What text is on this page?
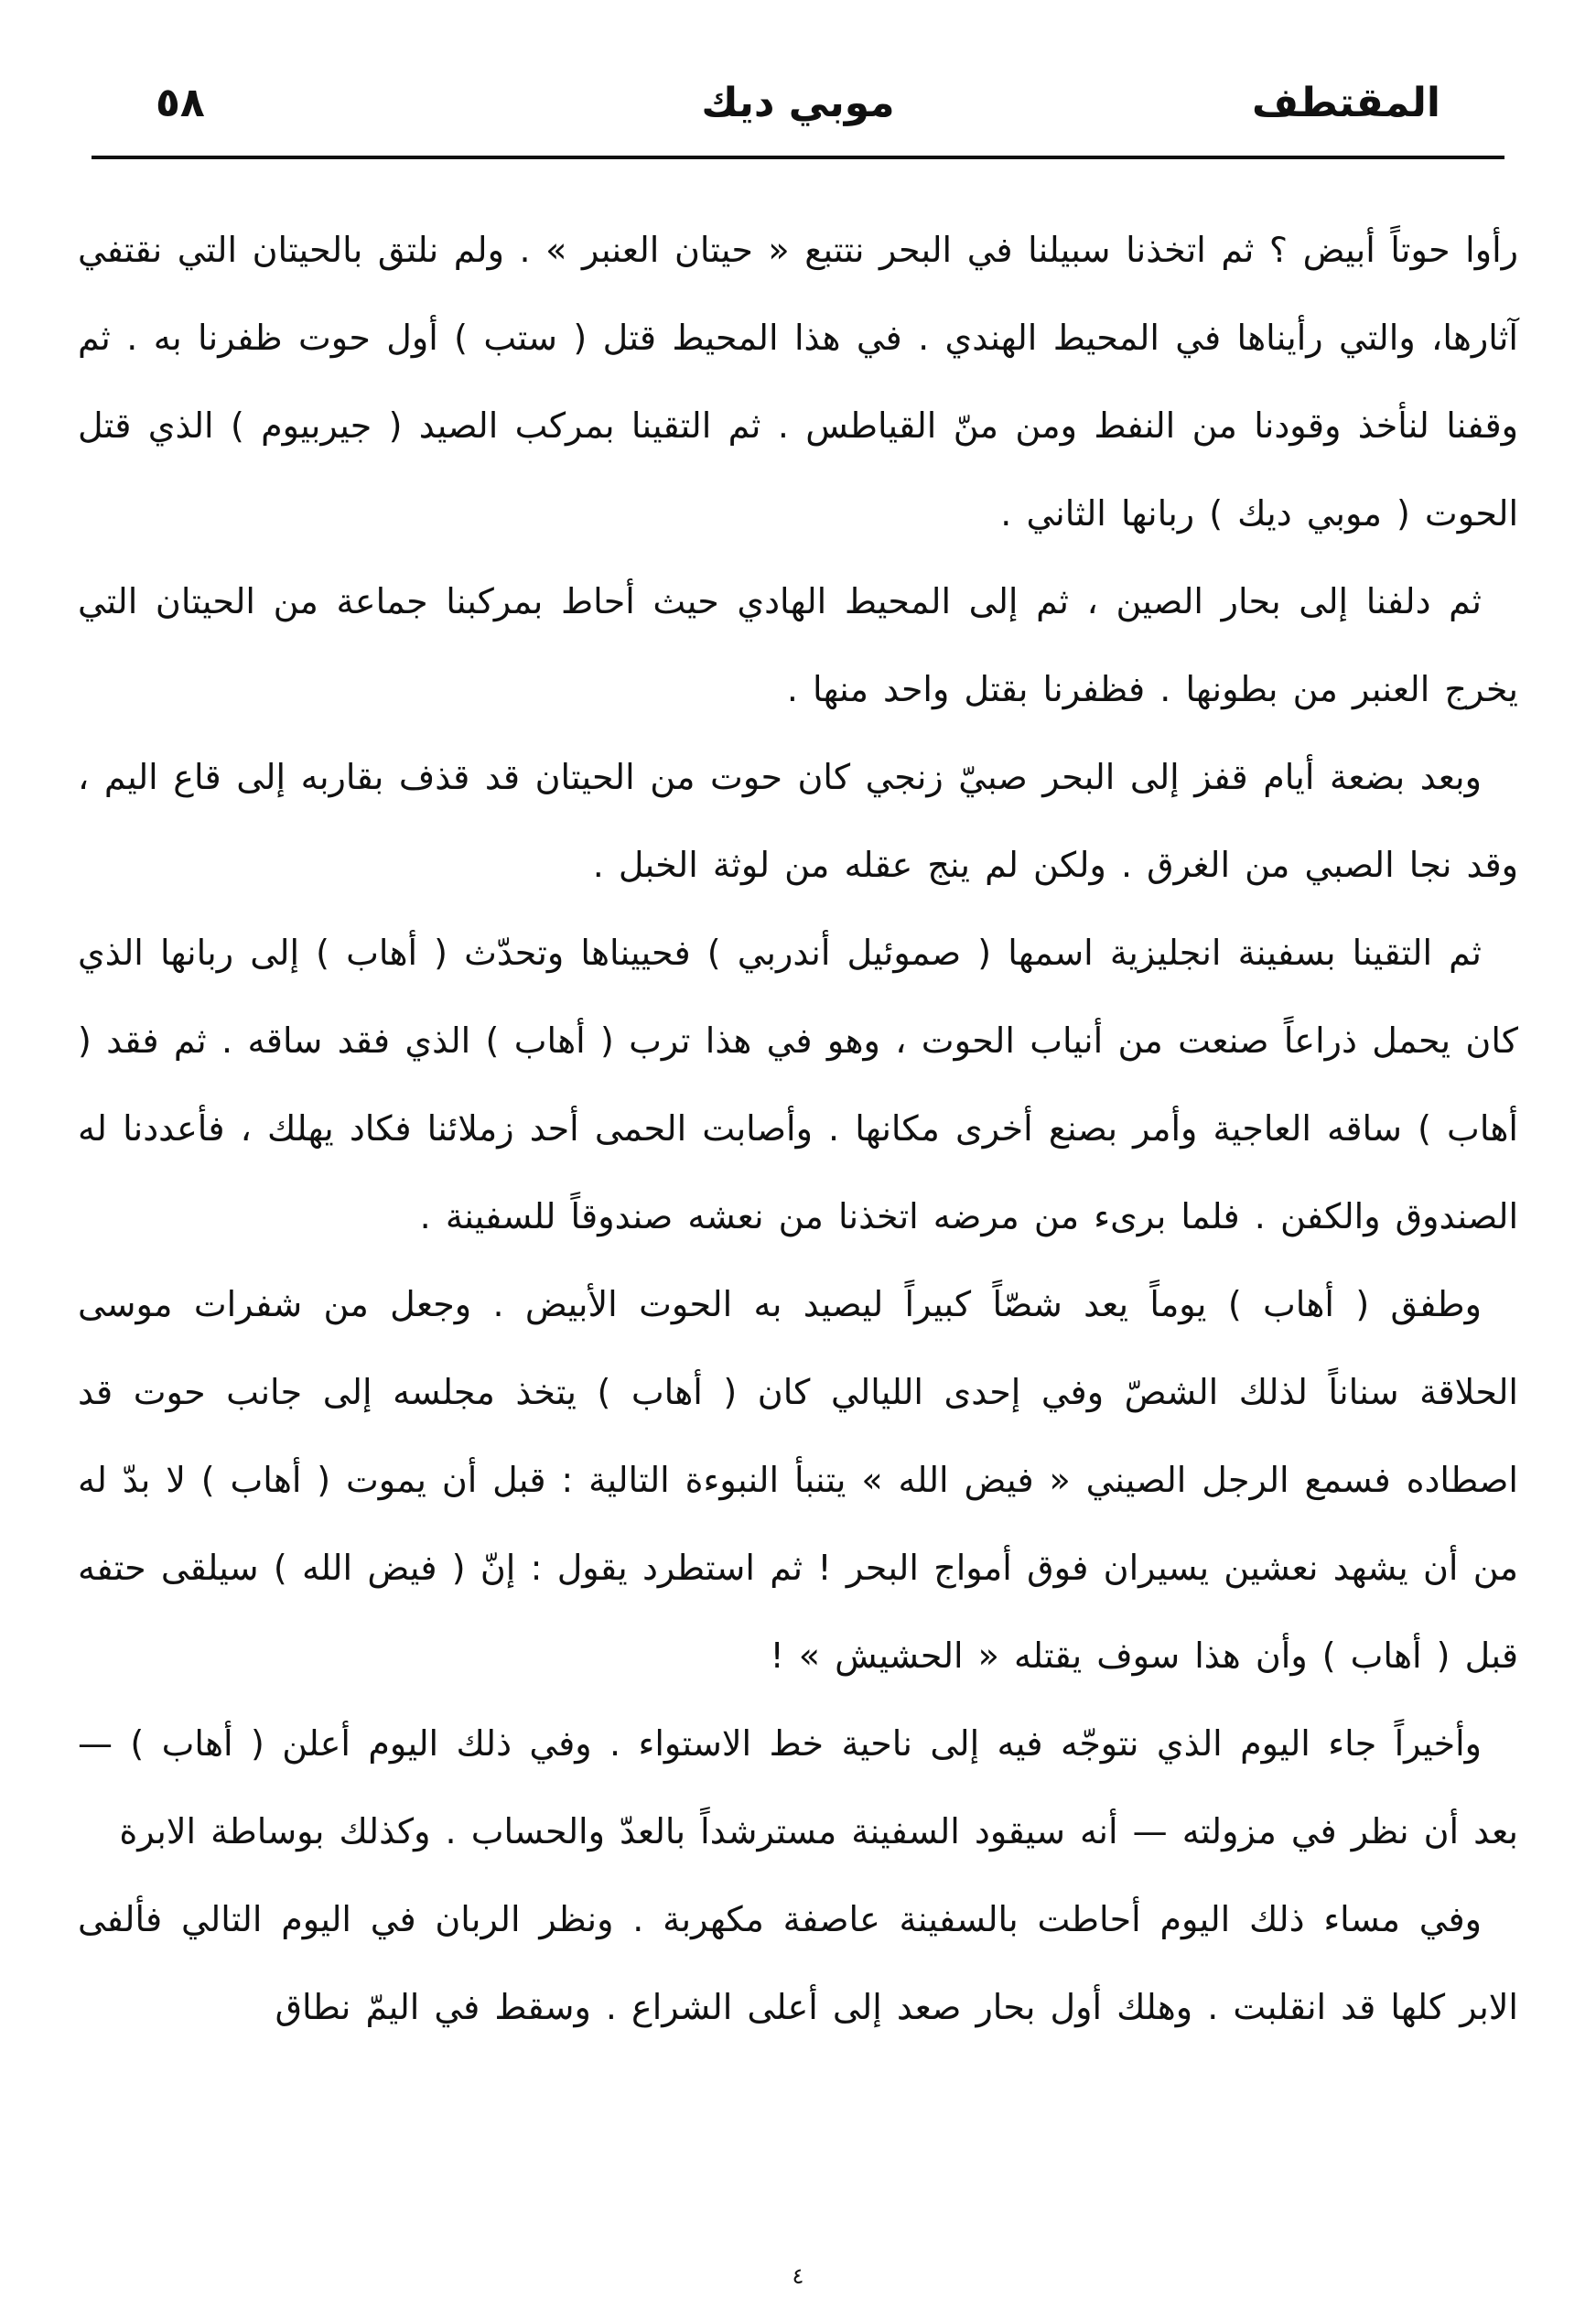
٥٨	موبي ديك	المقتطف

رأوا حوتاً أبيض ؟ ثم اتخذنا سبيلنا في البحر نتتبع « حيتان العنبر » . ولم نلتق بالحيتان التي نقتفي آثارها، والتي رأيناها في المحيط الهندي . في هذا المحيط قتل ( ستب ) أول حوت ظفرنا به . ثم وقفنا لنأخذ وقودنا من النفط ومن منّ القياطس . ثم التقينا بمركب الصيد ( جيربيوم ) الذي قتل الحوت ( موبي ديك ) ربانها الثاني .

ثم دلفنا إلى بحار الصين ، ثم إلى المحيط الهادي حيث أحاط بمركبنا جماعة من الحيتان التي يخرج العنبر من بطونها . فظفرنا بقتل واحد منها .

وبعد بضعة أيام قفز إلى البحر صبيّ زنجي كان حوت من الحيتان قد قذف بقاربه إلى قاع اليم ، وقد نجا الصبي من الغرق . ولكن لم ينج عقله من لوثة الخبل .

ثم التقينا بسفينة انجليزية اسمها ( صموئيل أندربي ) فحييناها وتحدّث ( أهاب ) إلى ربانها الذي كان يحمل ذراعاً صنعت من أنياب الحوت ، وهو في هذا ترب ( أهاب ) الذي فقد ساقه . ثم فقد ( أهاب ) ساقه العاجية وأمر بصنع أخرى مكانها . وأصابت الحمى أحد زملائنا فكاد يهلك ، فأعددنا له الصندوق والكفن . فلما برىء من مرضه اتخذنا من نعشه صندوقاً للسفينة .

وطفق ( أهاب ) يوماً يعد شصّاً كبيراً ليصيد به الحوت الأبيض . وجعل من شفرات موسى الحلاقة سناناً لذلك الشصّ وفي إحدى الليالي كان ( أهاب ) يتخذ مجلسه إلى جانب حوت قد اصطاده فسمع الرجل الصيني « فيض الله » يتنبأ النبوءة التالية : قبل أن يموت ( أهاب ) لا بدّ له من أن يشهد نعشين يسيران فوق أمواج البحر ! ثم استطرد يقول : إنّ ( فيض الله ) سيلقى حتفه قبل ( أهاب ) وأن هذا سوف يقتله « الحشيش » !

وأخيراً جاء اليوم الذي نتوجّه فيه إلى ناحية خط الاستواء . وفي ذلك اليوم أعلن ( أهاب ) — بعد أن نظر في مزولته — أنه سيقود السفينة مسترشداً بالعدّ والحساب . وكذلك بوساطة الابرة

وفي مساء ذلك اليوم أحاطت بالسفينة عاصفة مكهربة . ونظر الربان في اليوم التالي فألفى الابر كلها قد انقلبت . وهلك أول بحار صعد إلى أعلى الشراع . وسقط في اليمّ نطاق

٤
